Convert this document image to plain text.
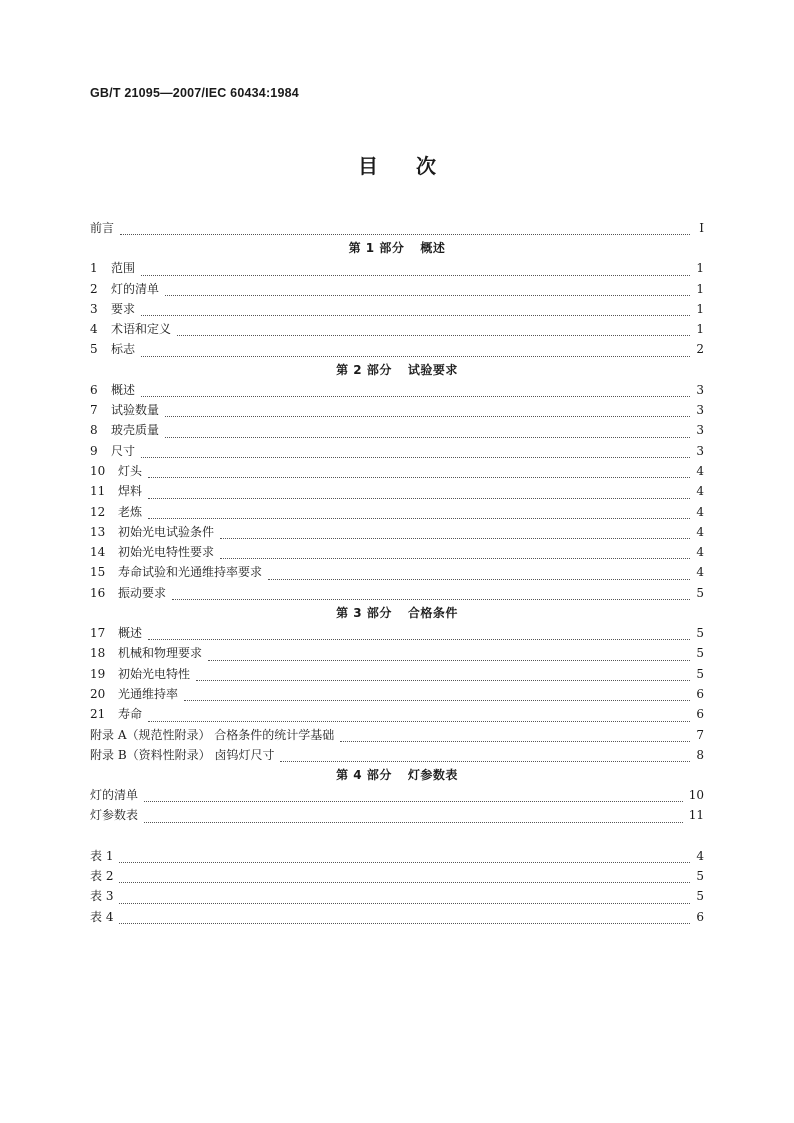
GB/T 21095—2007/IEC 60434:1984
目次
前言	I
第 1 部分 概述
1	范围	1
2	灯的清单	1
3	要求	1
4	术语和定义	1
5	标志	2
第 2 部分 试验要求
6	概述	3
7	试验数量	3
8	玻壳质量	3
9	尺寸	3
10	灯头	4
11	焊料	4
12	老炼	4
13	初始光电试验条件	4
14	初始光电特性要求	4
15	寿命试验和光通维持率要求	4
16	振动要求	5
第 3 部分 合格条件
17	概述	5
18	机械和物理要求	5
19	初始光电特性	5
20	光通维持率	6
21	寿命	6
附录 A（规范性附录） 合格条件的统计学基础	7
附录 B（资料性附录） 卤钨灯尺寸	8
第 4 部分 灯参数表
灯的清单	10
灯参数表	11
表 1	4
表 2	5
表 3	5
表 4	6
